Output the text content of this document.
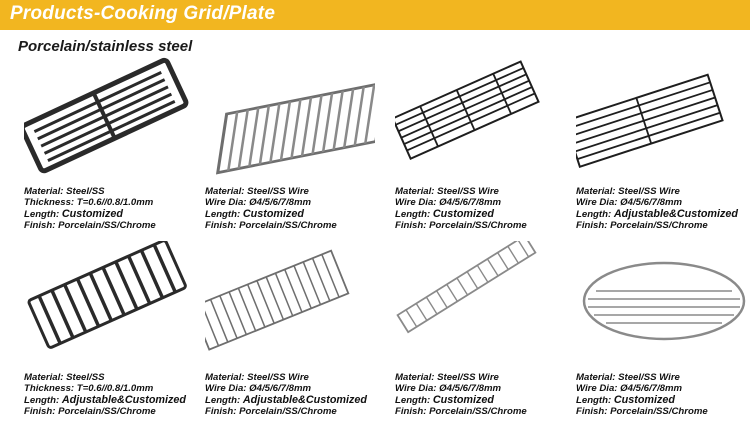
Products-Cooking Grid/Plate
Porcelain/stainless steel
Material: Steel/SS
Thickness: T=0.6//0.8/1.0mm
Length: Customized
Finish: Porcelain/SS/Chrome
Material: Steel/SS Wire
Wire Dia: Ø4/5/6/7/8mm
Length: Customized
Finish: Porcelain/SS/Chrome
Material: Steel/SS Wire
Wire Dia: Ø4/5/6/7/8mm
Length: Customized
Finish: Porcelain/SS/Chrome
Material: Steel/SS Wire
Wire Dia: Ø4/5/6/7/8mm
Length: Adjustable&Customized
Finish: Porcelain/SS/Chrome
Material: Steel/SS
Thickness: T=0.6//0.8/1.0mm
Length: Adjustable&Customized
Finish: Porcelain/SS/Chrome
Material: Steel/SS Wire
Wire Dia: Ø4/5/6/7/8mm
Length: Adjustable&Customized
Finish: Porcelain/SS/Chrome
Material: Steel/SS Wire
Wire Dia: Ø4/5/6/7/8mm
Length: Customized
Finish: Porcelain/SS/Chrome
Material: Steel/SS Wire
Wire Dia: Ø4/5/6/7/8mm
Length: Customized
Finish: Porcelain/SS/Chrome
